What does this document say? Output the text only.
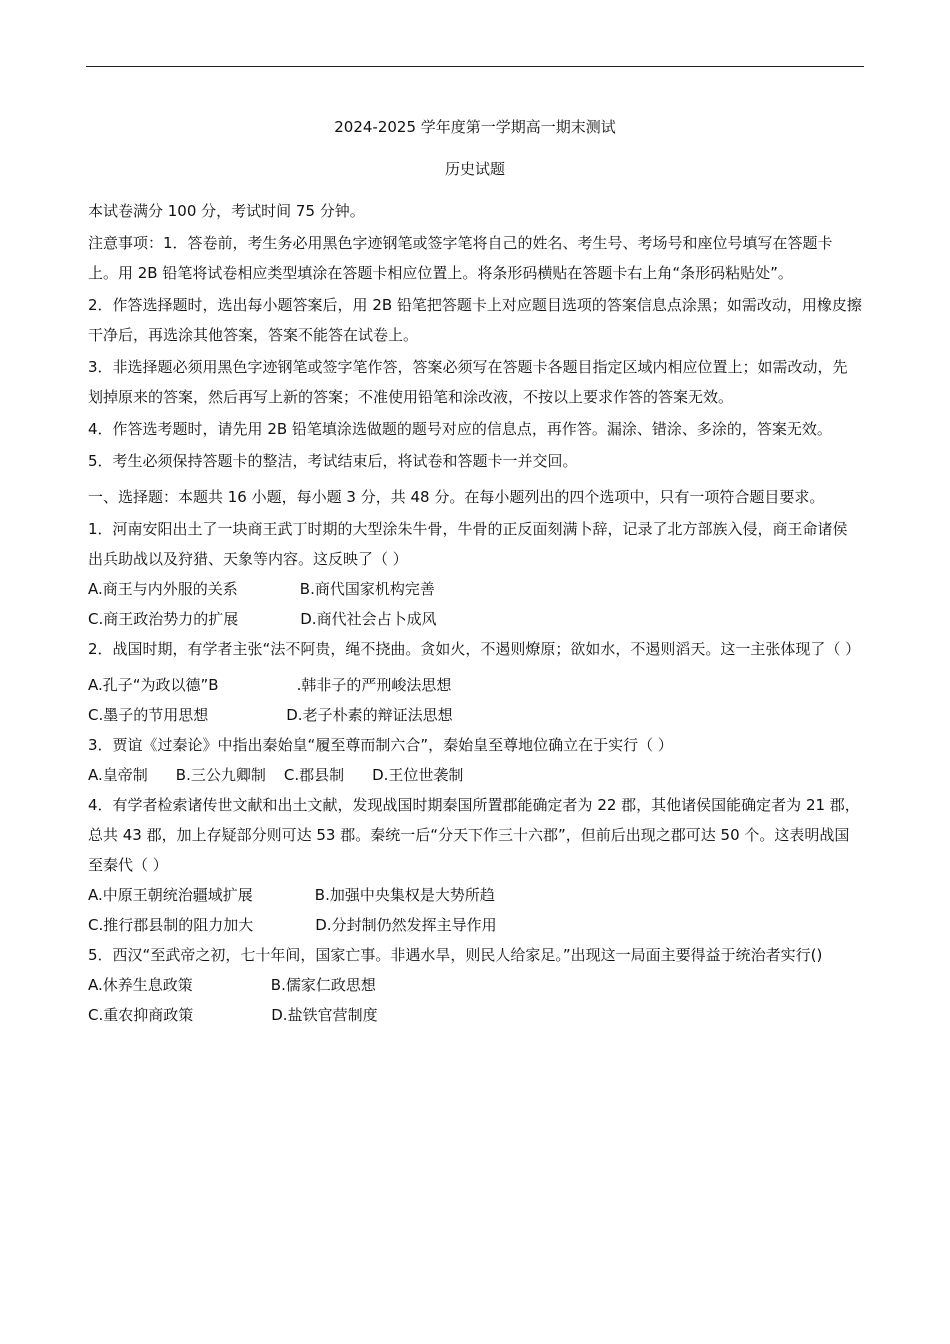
2024-2025 学年度第一学期高一期末测试

历史试题

本试卷满分 100 分，考试时间 75 分钟。

注意事项：1．答卷前，考生务必用黑色字迹钢笔或签字笔将自己的姓名、考生号、考场号和座位号填写在答题卡上。用 2B 铅笔将试卷相应类型填涂在答题卡相应位置上。将条形码横贴在答题卡右上角“条形码粘贴处”。

2．作答选择题时，选出每小题答案后，用 2B 铅笔把答题卡上对应题目选项的答案信息点涂黑；如需改动，用橡皮擦干净后，再选涂其他答案，答案不能答在试卷上。

3．非选择题必须用黑色字迹钢笔或签字笔作答，答案必须写在答题卡各题目指定区域内相应位置上；如需改动，先划掉原来的答案，然后再写上新的答案；不准使用铅笔和涂改液，不按以上要求作答的答案无效。

4．作答选考题时，请先用 2B 铅笔填涂选做题的题号对应的信息点，再作答。漏涂、错涂、多涂的，答案无效。

5．考生必须保持答题卡的整洁，考试结束后，将试卷和答题卡一并交回。

一、选择题：本题共 16 小题，每小题 3 分，共 48 分。在每小题列出的四个选项中，只有一项符合题目要求。

1．河南安阳出土了一块商王武丁时期的大型涂朱牛骨，牛骨的正反面刻满卜辞，记录了北方部族入侵，商王命诸侯出兵助战以及狩猎、天象等内容。这反映了（ ）

A.商王与内外服的关系	B.商代国家机构完善

C.商王政治势力的扩展	D.商代社会占卜成风

2．战国时期，有学者主张“法不阿贵，绳不挠曲。贪如火，不遏则燎原；欲如水，不遏则滔天。这一主张体现了（ ）

A.孔子“为政以德”B	.韩非子的严刑峻法思想

C.墨子的节用思想	D.老子朴素的辩证法思想

3．贾谊《过秦论》中指出秦始皇“履至尊而制六合”，秦始皇至尊地位确立在于实行（ ）

A.皇帝制 B.三公九卿制 C.郡县制 D.王位世袭制

4．有学者检索诸传世文献和出土文献，发现战国时期秦国所置郡能确定者为 22 郡，其他诸侯国能确定者为 21 郡，总共 43 郡，加上存疑部分则可达 53 郡。秦统一后“分天下作三十六郡”，但前后出现之郡可达 50 个。这表明战国至秦代（ ）

A.中原王朝统治疆域扩展	B.加强中央集权是大势所趋

C.推行郡县制的阻力加大	D.分封制仍然发挥主导作用

5．西汉“至武帝之初，七十年间，国家亡事。非遇水旱，则民人给家足。”出现这一局面主要得益于统治者实行()

A.休养生息政策	B.儒家仁政思想

C.重农抑商政策	D.盐铁官营制度
